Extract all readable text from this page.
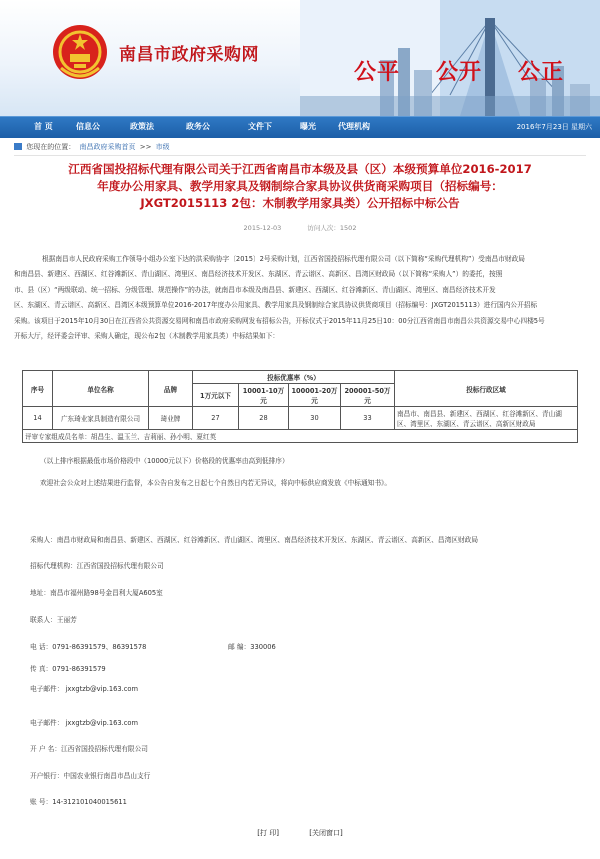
南昌市政府采购网
公平 公开 公正
首 页	信息公	政策法	政务公	文件下	曝光	代理机构	2016年7月23日 星期六
您现在的位置： 南昌政府采购首页 >> 市级
江西省国投招标代理有限公司关于江西省南昌市本级及县（区）本级预算单位2016-2017
年度办公用家具、教学用家具及钢制综合家具协议供货商采购项目（招标编号：
JXGT2015113 2包：木制教学用家具类）公开招标中标公告
2015-12-03	访问人次：1502
根据南昌市人民政府采购工作领导小组办公室下达的洪采购协字〔2015〕2号采购计划，江西省国投招标代理有限公司（以下简称“采购代理机构”）受南昌市财政局
和南昌县、新建区、西湖区、红谷滩新区、青山湖区、湾里区、南昌经济技术开发区、东湖区、青云谱区、高新区、昌湾区财政局（以下简称“采购人”）的委托，按照
市、县（区）“两级联动、统一招标、分级管理、规范操作”的办法，就南昌市本级及南昌县、新建区、西湖区、红谷滩新区、青山湖区、湾里区、南昌经济技术开发
区、东湖区、青云谱区、高新区、昌湾区本级预算单位2016-2017年度办公用家具、教学用家具及钢制综合家具协议供货商项目（招标编号：JXGT2015113）进行国内公开招标
采购。该项目于2015年10月30日在江西省公共资源交易网和南昌市政府采购网发布招标公告，开标仪式于2015年11月25日10：00分江西省南昌市南昌公共资源交易中心四楼5号
开标大厅，经评委会评审、采购人确定，现公布2包（木制教学用家具类）中标结果如下：
序号	单位名称	品牌	投标优惠率（%）				投标行政区域
			1万元以下	10001-10万元	100001-20万元	200001-50万元	
14	广东琦业家具制造有限公司	琦业牌	27	28	30	33	南昌市、南昌县、新建区、西湖区、红谷滩新区、青山湖区、湾里区、东湖区、青云谱区、高新区财政局
评审专家组成员名单：胡昌生、温玉兰、吉莉丽、孙小明、夏红英							
（以上排序根据最低市场价格段中（10000元以下）价格段的优惠率由高到低排序）
欢迎社会公众对上述结果进行监督，本公告自发布之日起七个自然日内若无异议，将向中标供应商发放《中标通知书》。
采购人：南昌市财政局和南昌县、新建区、西湖区、红谷滩新区、青山湖区、湾里区、南昌经济技术开发区、东湖区、青云谱区、高新区、昌湾区财政局
招标代理机构：江西省国投招标代理有限公司
地址：南昌市福州路98号金昌利大厦A605室
联系人：王丽芳
电 话：0791-86391579、86391578	邮 编：330006
传 真：0791-86391579
电子邮件： jxxgtzb@vip.163.com
电子邮件： jxxgtzb@vip.163.com
开 户 名：江西省国投招标代理有限公司
开户银行：中国农业银行南昌市昌山支行
账 号：14-312101040015611
[打 印]	[关闭窗口]
